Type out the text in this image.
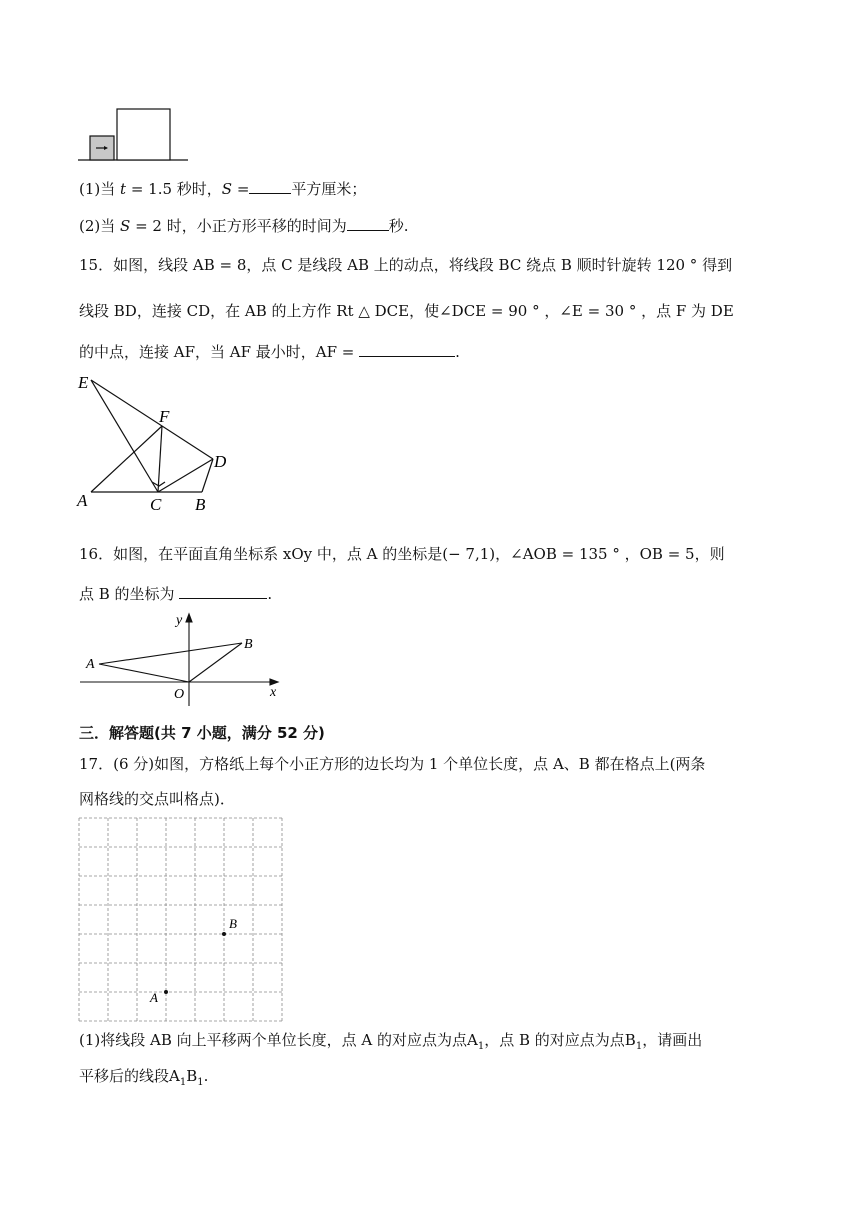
(1)当 t = 1.5 秒时，S =	平方厘米；
(2)当 S = 2 时，小正方形平移的时间为	秒.
15．如图，线段 AB = 8，点 C 是线段 AB 上的动点，将线段 BC 绕点 B 顺时针旋转 120 ° 得到
线段 BD，连接 CD，在 AB 的上方作 Rt △ DCE，使∠DCE = 90 ° ，∠E = 30 ° ，点 F 为 DE
的中点，连接 AF，当 AF 最小时，AF =	.
E
F
D
A	C B
16．如图，在平面直角坐标系 xOy 中，点 A 的坐标是(− 7,1)，∠AOB = 135 ° ，OB = 5，则
点 B 的坐标为	.
y
x
O
A
B
三．解答题(共 7 小题，满分 52 分)
17．(6 分)如图，方格纸上每个小正方形的边长均为 1 个单位长度，点 A、B 都在格点上(两条
网格线的交点叫格点)．
B
A
(1)将线段 AB 向上平移两个单位长度，点 A 的对应点为点$A_1$，点 B 的对应点为点$B_1$，请画出
平移后的线段$A_1B_1$.
